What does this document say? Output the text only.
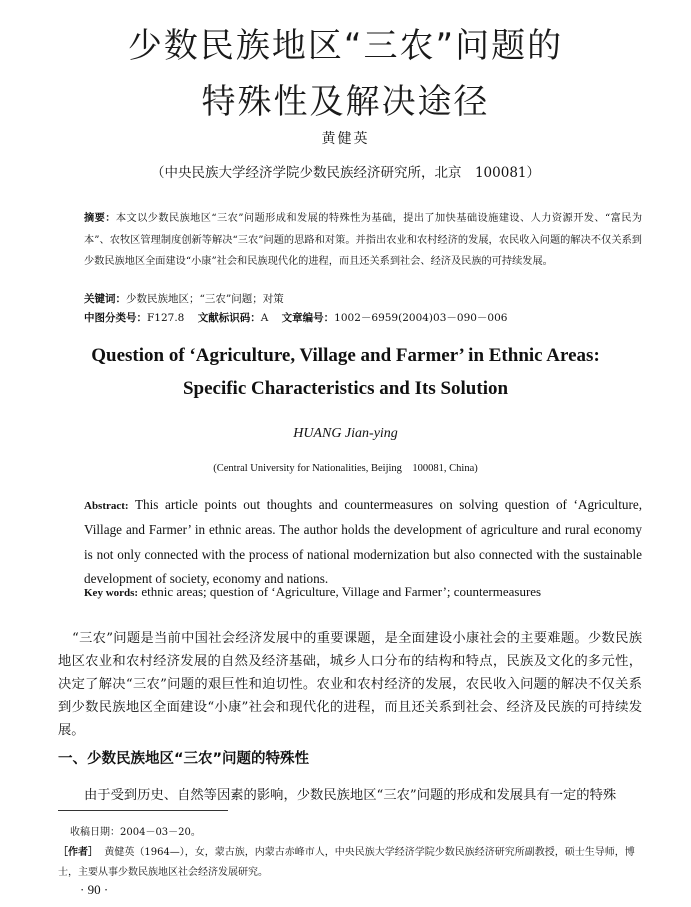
少数民族地区“三农”问题的
特殊性及解决途径
黄健英
（中央民族大学经济学院少数民族经济研究所，北京　100081）
摘要：本文以少数民族地区“三农”问题形成和发展的特殊性为基础，提出了加快基础设施建设、人力资源开发、“富民为本”、农牧区管理制度创新等解决“三农”问题的思路和对策。并指出农业和农村经济的发展，农民收入问题的解决不仅关系到少数民族地区全面建设“小康”社会和民族现代化的进程，而且还关系到社会、经济及民族的可持续发展。
关键词：少数民族地区；“三农”问题；对策
中图分类号：F127.8 文献标识码：A 文章编号：1002－6959(2004)03－090－006
Question of ‘Agriculture, Village and Farmer’ in Ethnic Areas:
Specific Characteristics and Its Solution
HUANG Jian-ying
(Central University for Nationalities, Beijing　100081, China)
Abstract: This article points out thoughts and countermeasures on solving question of ‘Agriculture, Village and Farmer’ in ethnic areas. The author holds the development of agriculture and rural economy is not only connected with the process of national modernization but also connected with the sustainable development of society, economy and nations.
Key words: ethnic areas; question of ‘Agriculture, Village and Farmer’; countermeasures
“三农”问题是当前中国社会经济发展中的重要课题，是全面建设小康社会的主要难题。少数民族地区农业和农村经济发展的自然及经济基础，城乡人口分布的结构和特点，民族及文化的多元性，决定了解决“三农”问题的艰巨性和迫切性。农业和农村经济的发展，农民收入问题的解决不仅关系到少数民族地区全面建设“小康”社会和现代化的进程，而且还关系到社会、经济及民族的可持续发展。
一、少数民族地区“三农”问题的特殊性
由于受到历史、自然等因素的影响，少数民族地区“三农”问题的形成和发展具有一定的特殊
收稿日期：2004－03－20。
［作者］ 黄健英（1964—），女，蒙古族，内蒙古赤峰市人，中央民族大学经济学院少数民族经济研究所副教授，硕士生导师，博士，主要从事少数民族地区社会经济发展研究。
· 90 ·
